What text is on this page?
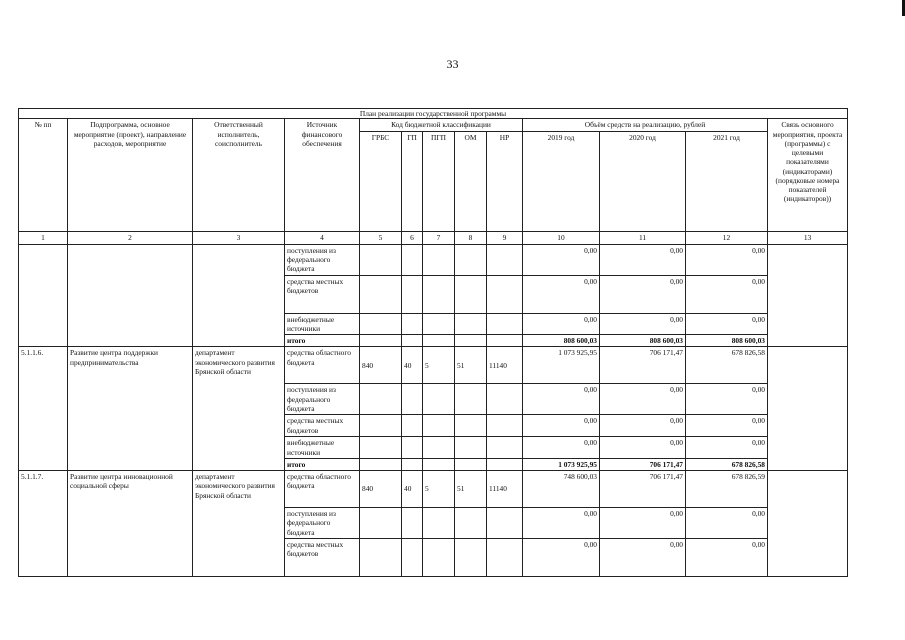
33
План реализации государственной программы												
№ пп	Подпрограмма, основное мероприятие (проект), направление расходов, мероприятие	Ответственный исполнитель, соисполнитель	Источник финансового обеспечения	Код бюджетной классификации					Объём средств на реализацию, рублей			Связь основного мероприятия, проекта (программы) с целевыми показателями (индикаторами) (порядковые номера показателей (индикаторов))
				ГРБС	ГП	ПГП	ОМ	НР	2019 год	2020 год	2021 год	
1	2	3	4	5	6	7	8	9	10	11	12	13
			поступления из федерального бюджета						0,00	0,00	0,00	
			средства местных бюджетов						0,00	0,00	0,00	
			внебюджетные источники						0,00	0,00	0,00	
			итого						808 600,03	808 600,03	808 600,03	
5.1.1.6.	Развитие центра поддержки предпринимательства	департамент экономического развития Брянской области	средства областного бюджета	840	40	5	51	11140	1 073 925,95	706 171,47	678 826,58	
			поступления из федерального бюджета						0,00	0,00	0,00	
			средства местных бюджетов						0,00	0,00	0,00	
			внебюджетные источники						0,00	0,00	0,00	
			итого						1 073 925,95	706 171,47	678 826,58	
5.1.1.7.	Развитие центра инновационной социальной сферы	департамент экономического развития Брянской области	средства областного бюджета	840	40	5	51	11140	748 600,03	706 171,47	678 826,59	
			поступления из федерального бюджета						0,00	0,00	0,00	
			средства местных бюджетов						0,00	0,00	0,00	
